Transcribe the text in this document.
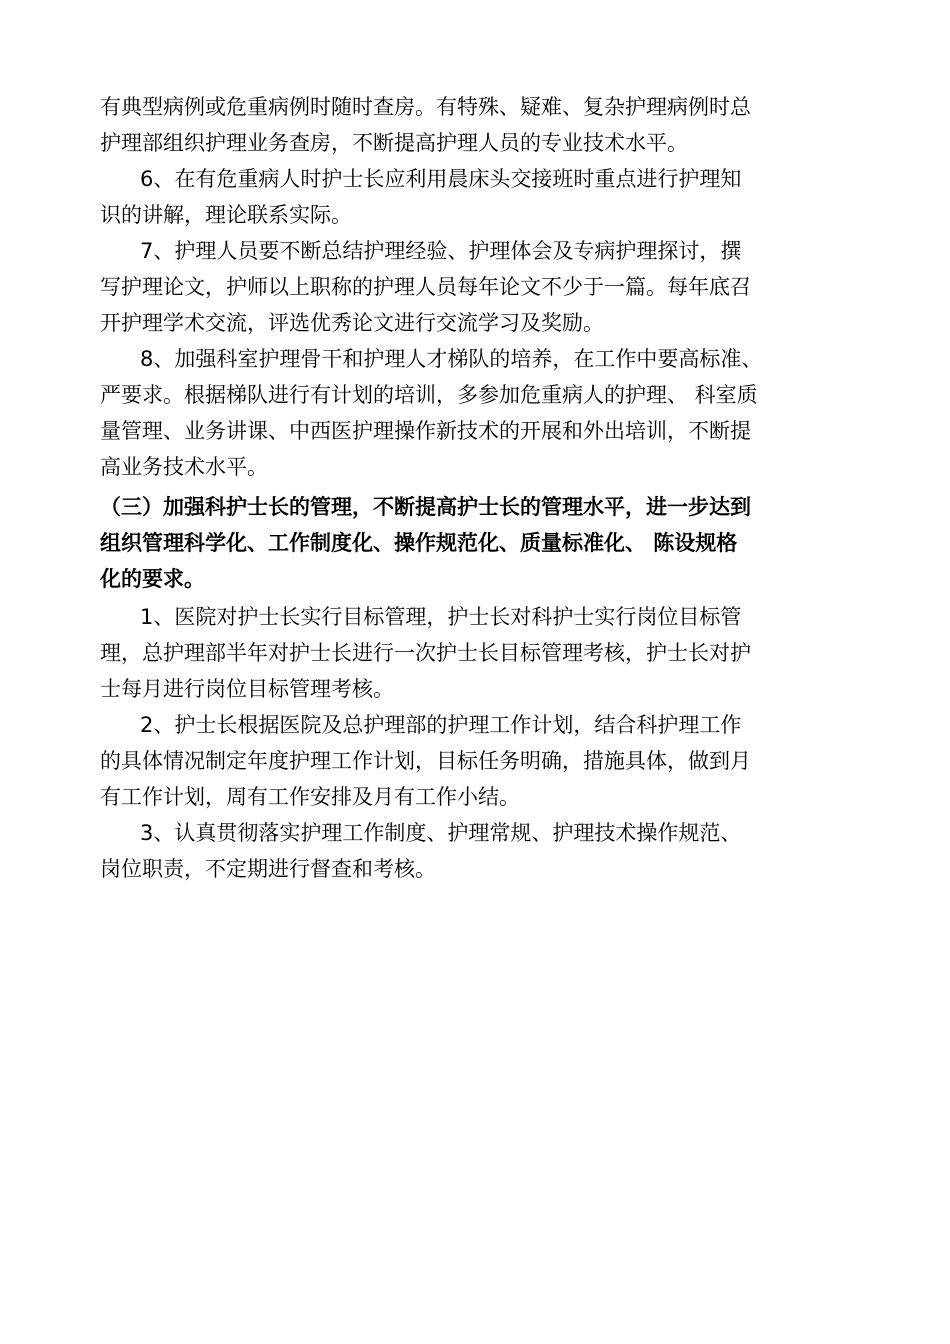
有典型病例或危重病例时随时查房。有特殊、疑难、复杂护理病例时总
护理部组织护理业务查房，不断提高护理人员的专业技术水平。
6、在有危重病人时护士长应利用晨床头交接班时重点进行护理知
识的讲解，理论联系实际。
7、护理人员要不断总结护理经验、护理体会及专病护理探讨，撰
写护理论文，护师以上职称的护理人员每年论文不少于一篇。每年底召
开护理学术交流，评选优秀论文进行交流学习及奖励。
8、加强科室护理骨干和护理人才梯队的培养，在工作中要高标准、
严要求。根据梯队进行有计划的培训，多参加危重病人的护理、 科室质
量管理、业务讲课、中西医护理操作新技术的开展和外出培训，不断提
高业务技术水平。
（三）加强科护士长的管理，不断提高护士长的管理水平，进一步达到
组织管理科学化、工作制度化、操作规范化、质量标准化、 陈设规格
化的要求。
1、医院对护士长实行目标管理，护士长对科护士实行岗位目标管
理，总护理部半年对护士长进行一次护士长目标管理考核，护士长对护
士每月进行岗位目标管理考核。
2、护士长根据医院及总护理部的护理工作计划，结合科护理工作
的具体情况制定年度护理工作计划，目标任务明确，措施具体，做到月
有工作计划，周有工作安排及月有工作小结。
3、认真贯彻落实护理工作制度、护理常规、护理技术操作规范、
岗位职责，不定期进行督查和考核。
